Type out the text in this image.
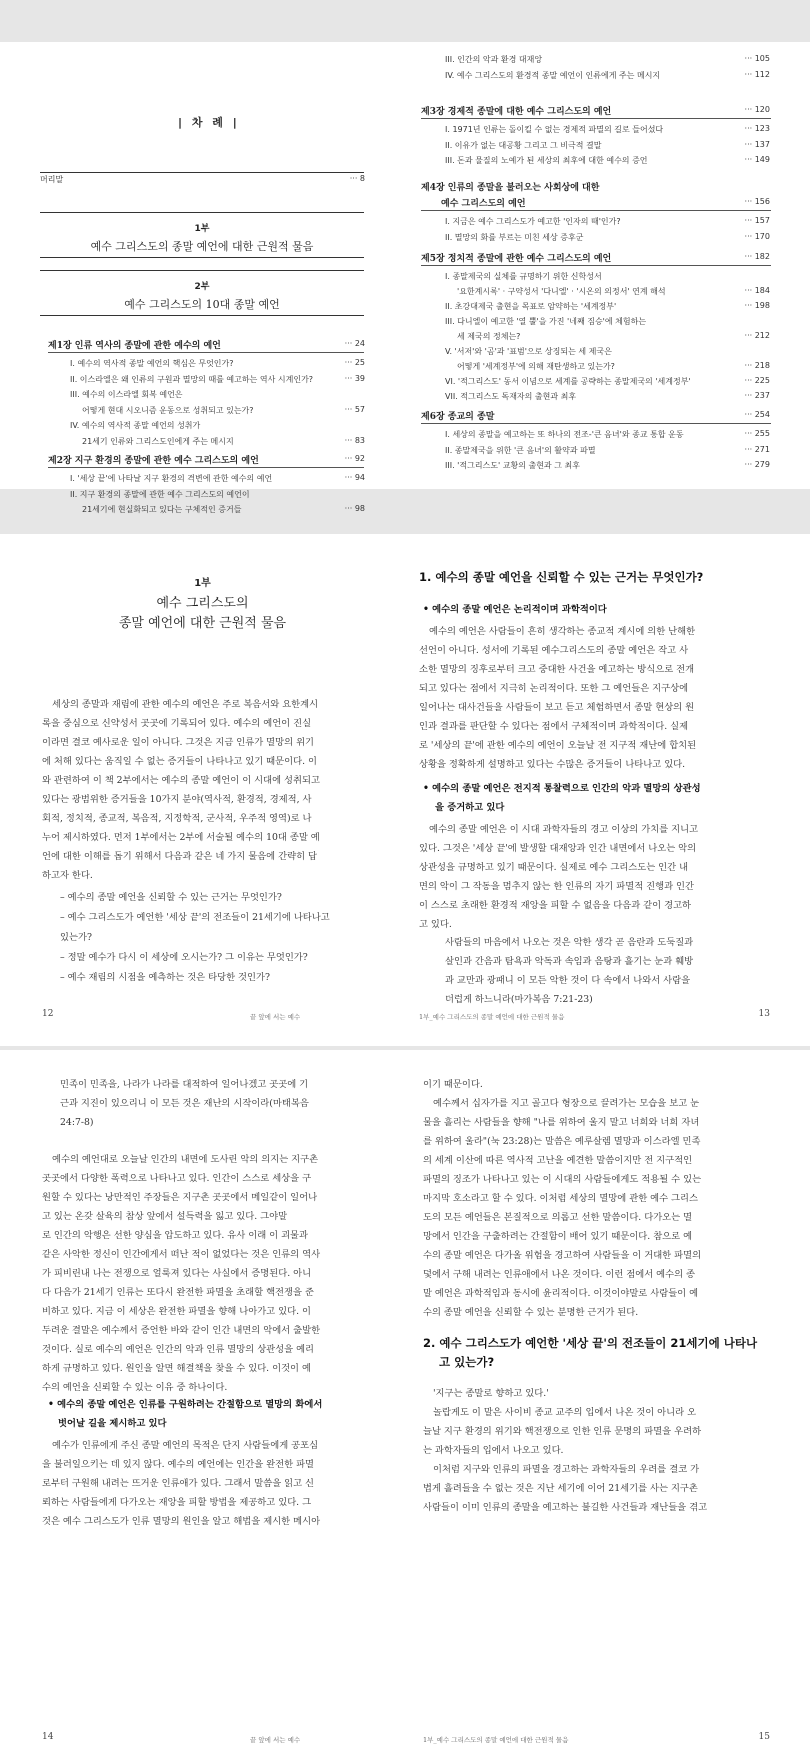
| 차 례 |
머리말	··· 8
1부
예수 그리스도의 종말 예언에 대한 근원적 물음
2부
예수 그리스도의 10대 종말 예언
제1장 인류 역사의 종말에 관한 예수의 예언	··· 24
I. 예수의 역사적 종말 예언의 핵심은 무엇인가?	··· 25
II. 이스라엘은 왜 인류의 구원과 멸망의 때를 예고하는 역사 시계인가?	··· 39
III. 예수의 이스라엘 회복 예언은
어떻게 현대 시오니즘 운동으로 성취되고 있는가?	··· 57
IV. 예수의 역사적 종말 예언의 성취가
21세기 인류와 그리스도인에게 주는 메시지	··· 83
제2장 지구 환경의 종말에 관한 예수 그리스도의 예언	··· 92
I. '세상 끝'에 나타날 지구 환경의 격변에 관한 예수의 예언	··· 94
II. 지구 환경의 종말에 관한 예수 그리스도의 예언이
21세기에 현실화되고 있다는 구체적인 증거들	··· 98
III. 인간의 악과 환경 대재앙	··· 105
IV. 예수 그리스도의 환경적 종말 예언이 인류에게 주는 메시지	··· 112
제3장 경제적 종말에 대한 예수 그리스도의 예언	··· 120
I. 1971년 인류는 돌이킬 수 없는 경제적 파멸의 길로 들어섰다	··· 123
II. 이유가 없는 대공황 그리고 그 비극적 결말	··· 137
III. 돈과 물질의 노예가 된 세상의 최후에 대한 예수의 증언	··· 149
제4장 인류의 종말을 불러오는 사회상에 대한
예수 그리스도의 예언	··· 156
I. 지금은 예수 그리스도가 예고한 '인자의 때'인가?	··· 157
II. 멸망의 화를 부르는 미친 세상 증후군	··· 170
제5장 정치적 종말에 관한 예수 그리스도의 예언	··· 182
I. 종말제국의 실체를 규명하기 위한 신학성서
'요한계시록' · 구약성서 '다니엘' · '시온의 의정서' 연계 해석	··· 184
II. 초강대제국 출현을 목표로 암약하는 '세계정부'	··· 198
III. 다니엘이 예고한 '열 뿔'을 가진 '네째 짐승'에 체험하는
세 제국의 정체는?	··· 212
V. '서저'와 '곰'과 '표범'으로 상징되는 세 제국은
어떻게 '세계정부'에 의해 재탄생하고 있는가?	··· 218
VI. '적그리스도' 동서 이념으로 세계를 공략하는 종말제국의 '세계정부'	··· 225
VII. 적그리스도 독재자의 출현과 최후	··· 237
제6장 종교의 종말	··· 254
I. 세상의 종말을 예고하는 또 하나의 전조-'큰 음녀'와 종교 통합 운동	··· 255
II. 종말제국을 위한 '큰 음녀'의 활약과 파멸	··· 271
III. '적그리스도' 교황의 출현과 그 최후	··· 279
1부
예수 그리스도의
종말 예언에 대한 근원적 물음
세상의 종말과 재림에 관한 예수의 예언은 주로 복음서와 요한계시
록을 중심으로 신약성서 곳곳에 기록되어 있다. 예수의 예언이 진실
이라면 결코 예사로운 일이 아니다. 그것은 지금 인류가 멸망의 위기
에 처해 있다는 움직일 수 없는 증거들이 나타나고 있기 때문이다. 이
와 관련하여 이 책 2부에서는 예수의 종말 예언이 이 시대에 성취되고
있다는 광범위한 증거들을 10가지 분야(역사적, 환경적, 경제적, 사
회적, 정치적, 종교적, 복음적, 지정학적, 군사적, 우주적 영역)로 나
누어 제시하였다. 먼저 1부에서는 2부에 서술될 예수의 10대 종말 예
언에 대한 이해를 돕기 위해서 다음과 같은 네 가지 물음에 간략히 답
하고자 한다.
– 예수의 종말 예언을 신뢰할 수 있는 근거는 무엇인가?
– 예수 그리스도가 예언한 '세상 끝'의 전조들이 21세기에 나타나고
있는가?
– 정말 예수가 다시 이 세상에 오시는가? 그 이유는 무엇인가?
– 예수 재림의 시점을 예측하는 것은 타당한 것인가?
12	끝 앞에 서는 예수
1. 예수의 종말 예언을 신뢰할 수 있는 근거는 무엇인가?
• 예수의 종말 예언은 논리적이며 과학적이다
예수의 예언은 사람들이 흔히 생각하는 종교적 계시에 의한 난해한
선언이 아니다. 성서에 기록된 예수그리스도의 종말 예언은 작고 사
소한 멸망의 징후로부터 크고 중대한 사건을 예고하는 방식으로 전개
되고 있다는 점에서 지극히 논리적이다. 또한 그 예언들은 지구상에
일어나는 대사건들을 사람들이 보고 듣고 체험하면서 종말 현상의 원
인과 결과를 판단할 수 있다는 점에서 구체적이며 과학적이다. 실제
로 '세상의 끝'에 관한 예수의 예언이 오늘날 전 지구적 재난에 합치된
상황을 정확하게 설명하고 있다는 수많은 증거들이 나타나고 있다.
• 예수의 종말 예언은 전지적 통찰력으로 인간의 악과 멸망의 상관성
을 증거하고 있다
예수의 종말 예언은 이 시대 과학자들의 경고 이상의 가치를 지니고
있다. 그것은 '세상 끝'에 발생할 대재앙과 인간 내면에서 나오는 악의
상관성을 규명하고 있기 때문이다. 실제로 예수 그리스도는 인간 내
면의 악이 그 작동을 멈추지 않는 한 인류의 자기 파멸적 진행과 인간
이 스스로 초래한 환경적 재앙을 피할 수 없음을 다음과 같이 경고하
고 있다.
사람들의 마음에서 나오는 것은 악한 생각 곧 음란과 도둑질과
살인과 간음과 탐욕과 악독과 속임과 음탕과 흘기는 눈과 훼방
과 교만과 광패니 이 모든 악한 것이 다 속에서 나와서 사람을
더럽게 하느니라(마가복음 7:21-23)
1부_예수 그리스도의 종말 예언에 대한 근원적 물음	13
민족이 민족을, 나라가 나라를 대적하여 일어나겠고 곳곳에 기
근과 지진이 있으리니 이 모든 것은 재난의 시작이라(마태복음
24:7-8)
예수의 예언대로 오늘날 인간의 내면에 도사린 악의 의지는 지구촌
곳곳에서 다양한 폭력으로 나타나고 있다. 인간이 스스로 세상을 구
원할 수 있다는 낭만적인 주장들은 지구촌 곳곳에서 메일같이 일어나
고 있는 온갖 살육의 참상 앞에서 설득력을 잃고 있다. 그야말
로 인간의 악행은 선한 양심을 압도하고 있다. 유사 이래 이 괴물과
같은 사악한 정신이 인간에게서 떠난 적이 없었다는 것은 인류의 역사
가 피비린내 나는 전쟁으로 얼룩져 있다는 사실에서 증명된다. 아니
다 다음가 21세기 인류는 또다시 완전한 파멸을 초래할 핵전쟁을 준
비하고 있다. 지금 이 세상은 완전한 파멸을 향해 나아가고 있다. 이
두려운 결말은 예수께서 증언한 바와 같이 인간 내면의 악에서 출발한
것이다. 실로 예수의 예언은 인간의 악과 인류 멸망의 상관성을 예리
하게 규명하고 있다. 원인을 알면 해결책을 찾을 수 있다. 이것이 예
수의 예언을 신뢰할 수 있는 이유 중 하나이다.
• 예수의 종말 예언은 인류를 구원하려는 간절함으로 멸망의 화에서
벗어날 길을 제시하고 있다
예수가 인류에게 주신 종말 예언의 목적은 단지 사람들에게 공포심
을 불러일으키는 데 있지 않다. 예수의 예언에는 인간을 완전한 파멸
로부터 구원해 내려는 뜨거운 인류애가 있다. 그래서 말씀을 읽고 신
뢰하는 사람들에게 다가오는 재앙을 피할 방법을 제공하고 있다. 그
것은 예수 그리스도가 인류 멸망의 원인을 알고 해법을 제시한 메시아
14	끝 앞에 서는 예수
이기 때문이다.
예수께서 십자가를 지고 골고다 형장으로 끌려가는 모습을 보고 눈
물을 흘리는 사람들을 향해 "나를 위하여 울지 말고 너희와 너희 자녀
를 위하여 울라"(눅 23:28)는 말씀은 예루살렘 멸망과 이스라엘 민족
의 세계 이산에 따른 역사적 고난을 예견한 말씀이지만 전 지구적인
파멸의 징조가 나타나고 있는 이 시대의 사람들에게도 적용될 수 있는
마지막 호소라고 할 수 있다. 이처럼 세상의 멸망에 관한 예수 그리스
도의 모든 예언들은 본질적으로 의롭고 선한 말씀이다. 다가오는 멸
망에서 인간을 구출하려는 간절함이 배어 있기 때문이다. 참으로 예
수의 종말 예언은 다가올 위험을 경고하여 사람들을 이 거대한 파멸의
덫에서 구해 내려는 인류애에서 나온 것이다. 이런 점에서 예수의 종
말 예언은 과학적임과 동시에 윤리적이다. 이것이야말로 사람들이 예
수의 종말 예언을 신뢰할 수 있는 분명한 근거가 된다.
2. 예수 그리스도가 예언한 '세상 끝'의 전조들이 21세기에 나타나
고 있는가?
'지구는 종말로 향하고 있다.'
놀랍게도 이 말은 사이비 종교 교주의 입에서 나온 것이 아니라 오
늘날 지구 환경의 위기와 핵전쟁으로 인한 인류 문명의 파멸을 우려하
는 과학자들의 입에서 나오고 있다.
이처럼 지구와 인류의 파멸을 경고하는 과학자들의 우려를 결코 가
볍게 흘려들을 수 없는 것은 지난 세기에 이어 21세기를 사는 지구촌
사람들이 이미 인류의 종말을 예고하는 불길한 사건들과 재난들을 겪고
1부_예수 그리스도의 종말 예언에 대한 근원적 물음	15
